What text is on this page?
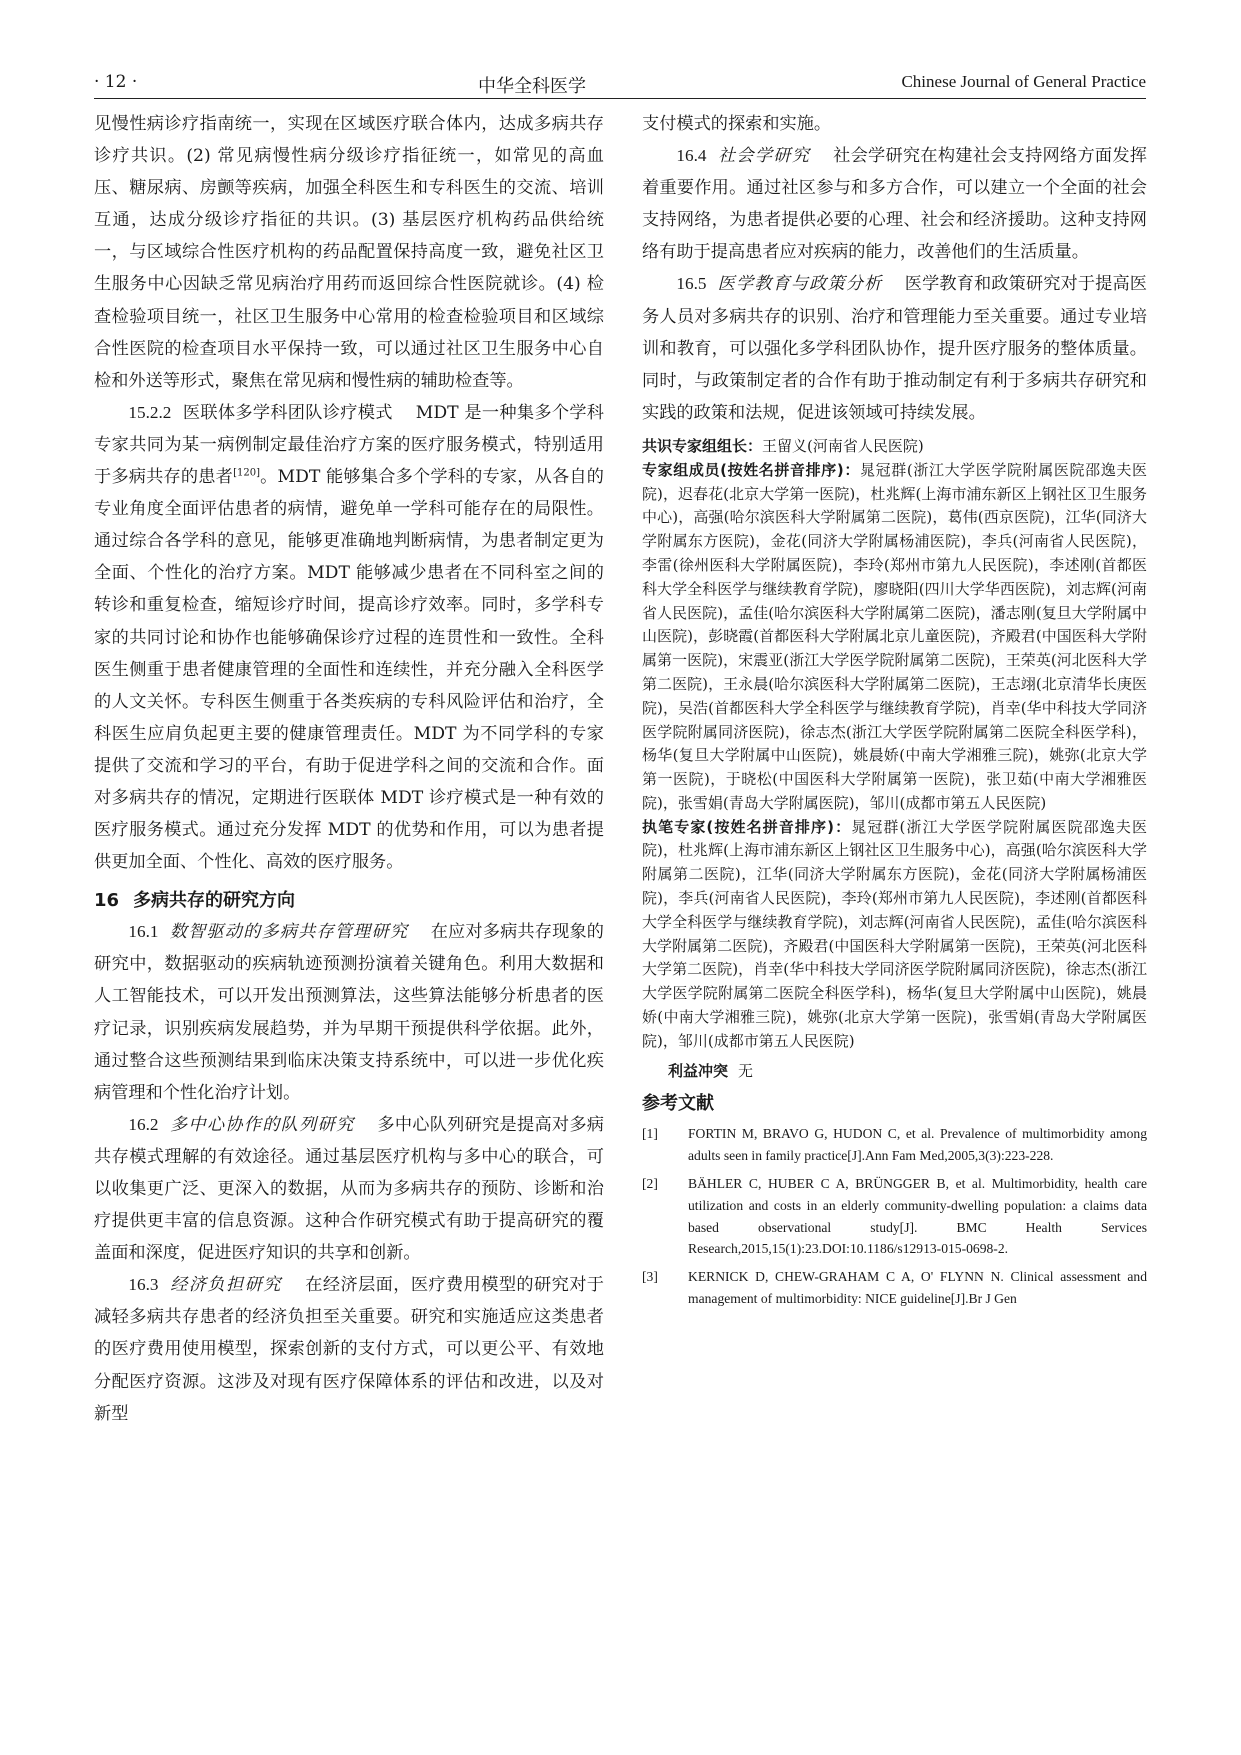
· 12 ·	中华全科医学	Chinese Journal of General Practice

见慢性病诊疗指南统一，实现在区域医疗联合体内，达成多病共存诊疗共识。(2) 常见病慢性病分级诊疗指征统一，如常见的高血压、糖尿病、房颤等疾病，加强全科医生和专科医生的交流、培训互通，达成分级诊疗指征的共识。(3) 基层医疗机构药品供给统一，与区域综合性医疗机构的药品配置保持高度一致，避免社区卫生服务中心因缺乏常见病治疗用药而返回综合性医院就诊。(4) 检查检验项目统一，社区卫生服务中心常用的检查检验项目和区域综合性医院的检查项目水平保持一致，可以通过社区卫生服务中心自检和外送等形式，聚焦在常见病和慢性病的辅助检查等。

15.2.2 医联体多学科团队诊疗模式 MDT 是一种集多个学科专家共同为某一病例制定最佳治疗方案的医疗服务模式，特别适用于多病共存的患者[120]。MDT 能够集合多个学科的专家，从各自的专业角度全面评估患者的病情，避免单一学科可能存在的局限性。通过综合各学科的意见，能够更准确地判断病情，为患者制定更为全面、个性化的治疗方案。MDT 能够减少患者在不同科室之间的转诊和重复检查，缩短诊疗时间，提高诊疗效率。同时，多学科专家的共同讨论和协作也能够确保诊疗过程的连贯性和一致性。全科医生侧重于患者健康管理的全面性和连续性，并充分融入全科医学的人文关怀。专科医生侧重于各类疾病的专科风险评估和治疗，全科医生应肩负起更主要的健康管理责任。MDT 为不同学科的专家提供了交流和学习的平台，有助于促进学科之间的交流和合作。面对多病共存的情况，定期进行医联体 MDT 诊疗模式是一种有效的医疗服务模式。通过充分发挥 MDT 的优势和作用，可以为患者提供更加全面、个性化、高效的医疗服务。

16 多病共存的研究方向

16.1 数智驱动的多病共存管理研究 在应对多病共存现象的研究中，数据驱动的疾病轨迹预测扮演着关键角色。利用大数据和人工智能技术，可以开发出预测算法，这些算法能够分析患者的医疗记录，识别疾病发展趋势，并为早期干预提供科学依据。此外，通过整合这些预测结果到临床决策支持系统中，可以进一步优化疾病管理和个性化治疗计划。

16.2 多中心协作的队列研究 多中心队列研究是提高对多病共存模式理解的有效途径。通过基层医疗机构与多中心的联合，可以收集更广泛、更深入的数据，从而为多病共存的预防、诊断和治疗提供更丰富的信息资源。这种合作研究模式有助于提高研究的覆盖面和深度，促进医疗知识的共享和创新。

16.3 经济负担研究 在经济层面，医疗费用模型的研究对于减轻多病共存患者的经济负担至关重要。研究和实施适应这类患者的医疗费用使用模型，探索创新的支付方式，可以更公平、有效地分配医疗资源。这涉及对现有医疗保障体系的评估和改进，以及对新型

支付模式的探索和实施。

16.4 社会学研究 社会学研究在构建社会支持网络方面发挥着重要作用。通过社区参与和多方合作，可以建立一个全面的社会支持网络，为患者提供必要的心理、社会和经济援助。这种支持网络有助于提高患者应对疾病的能力，改善他们的生活质量。

16.5 医学教育与政策分析 医学教育和政策研究对于提高医务人员对多病共存的识别、治疗和管理能力至关重要。通过专业培训和教育，可以强化多学科团队协作，提升医疗服务的整体质量。同时，与政策制定者的合作有助于推动制定有利于多病共存研究和实践的政策和法规，促进该领域可持续发展。

共识专家组组长：王留义(河南省人民医院)

专家组成员(按姓名拼音排序)：晁冠群(浙江大学医学院附属医院邵逸夫医院)，迟春花(北京大学第一医院)，杜兆辉(上海市浦东新区上钢社区卫生服务中心)，高强(哈尔滨医科大学附属第二医院)，葛伟(西京医院)，江华(同济大学附属东方医院)，金花(同济大学附属杨浦医院)，李兵(河南省人民医院)，李雷(徐州医科大学附属医院)，李玲(郑州市第九人民医院)，李述刚(首都医科大学全科医学与继续教育学院)，廖晓阳(四川大学华西医院)，刘志辉(河南省人民医院)，孟佳(哈尔滨医科大学附属第二医院)，潘志刚(复旦大学附属中山医院)，彭晓霞(首都医科大学附属北京儿童医院)，齐殿君(中国医科大学附属第一医院)，宋震亚(浙江大学医学院附属第二医院)，王荣英(河北医科大学第二医院)，王永晨(哈尔滨医科大学附属第二医院)，王志翊(北京清华长庚医院)，吴浩(首都医科大学全科医学与继续教育学院)，肖幸(华中科技大学同济医学院附属同济医院)，徐志杰(浙江大学医学院附属第二医院全科医学科)，杨华(复旦大学附属中山医院)，姚晨娇(中南大学湘雅三院)，姚弥(北京大学第一医院)，于晓松(中国医科大学附属第一医院)，张卫茹(中南大学湘雅医院)，张雪娟(青岛大学附属医院)，邹川(成都市第五人民医院)

执笔专家(按姓名拼音排序)：晁冠群(浙江大学医学院附属医院邵逸夫医院)，杜兆辉(上海市浦东新区上钢社区卫生服务中心)，高强(哈尔滨医科大学附属第二医院)，江华(同济大学附属东方医院)，金花(同济大学附属杨浦医院)，李兵(河南省人民医院)，李玲(郑州市第九人民医院)，李述刚(首都医科大学全科医学与继续教育学院)，刘志辉(河南省人民医院)，孟佳(哈尔滨医科大学附属第二医院)，齐殿君(中国医科大学附属第一医院)，王荣英(河北医科大学第二医院)，肖幸(华中科技大学同济医学院附属同济医院)，徐志杰(浙江大学医学院附属第二医院全科医学科)，杨华(复旦大学附属中山医院)，姚晨娇(中南大学湘雅三院)，姚弥(北京大学第一医院)，张雪娟(青岛大学附属医院)，邹川(成都市第五人民医院)

利益冲突 无

参考文献
[1] FORTIN M, BRAVO G, HUDON C, et al. Prevalence of multimorbidity among adults seen in family practice[J].Ann Fam Med,2005,3(3):223-228.
[2] BÄHLER C, HUBER C A, BRÜNGGER B, et al. Multimorbidity, health care utilization and costs in an elderly community-dwelling population: a claims data based observational study[J]. BMC Health Services Research,2015,15(1):23.DOI:10.1186/s12913-015-0698-2.
[3] KERNICK D, CHEW-GRAHAM C A, O' FLYNN N. Clinical assessment and management of multimorbidity: NICE guideline[J].Br J Gen
